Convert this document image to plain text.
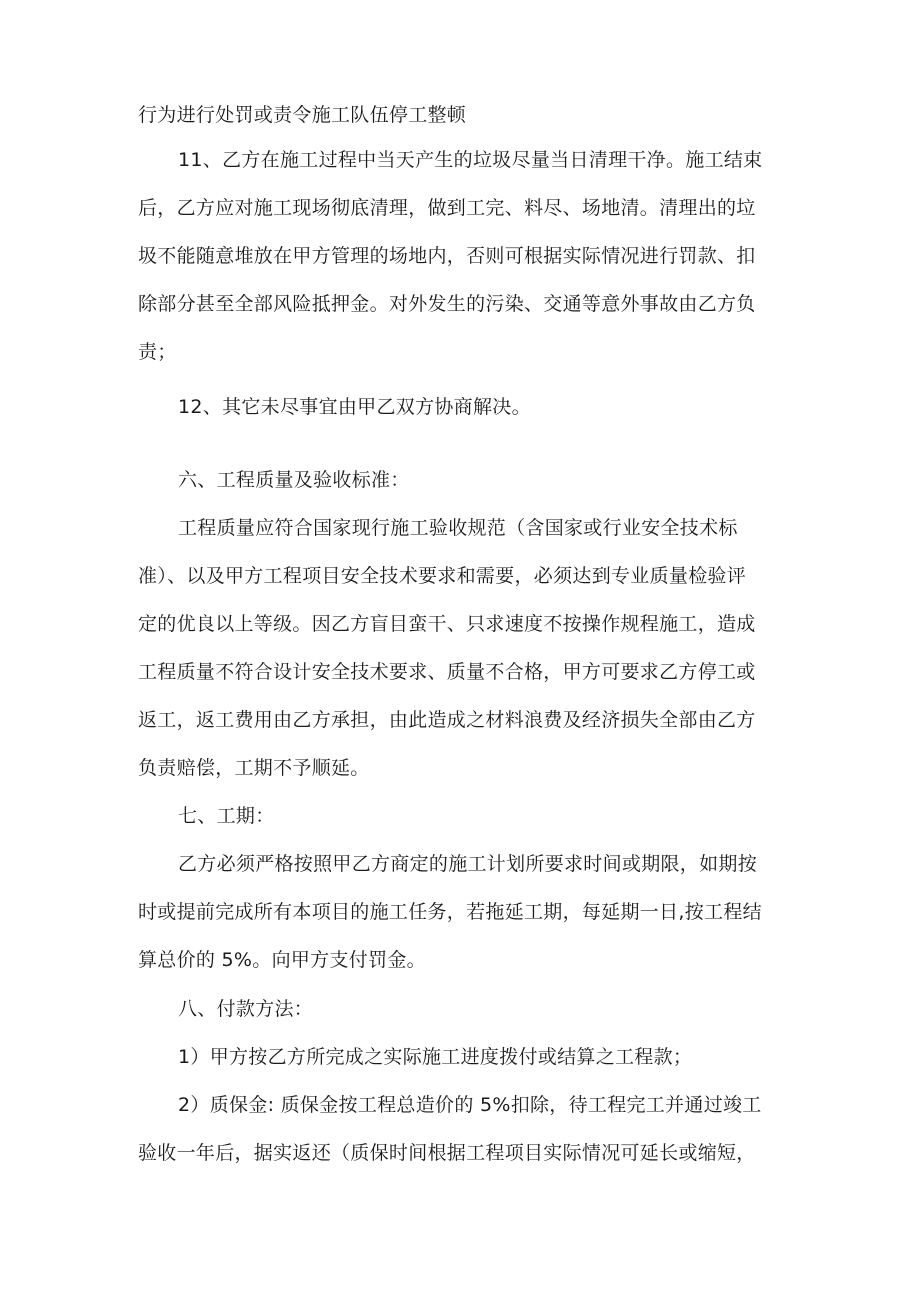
行为进行处罚或责令施工队伍停工整顿
11、乙方在施工过程中当天产生的垃圾尽量当日清理干净。施工结束
后，乙方应对施工现场彻底清理，做到工完、料尽、场地清。清理出的垃
圾不能随意堆放在甲方管理的场地内，否则可根据实际情况进行罚款、扣
除部分甚至全部风险抵押金。对外发生的污染、交通等意外事故由乙方负
责；
12、其它未尽事宜由甲乙双方协商解决。
六、工程质量及验收标准：
工程质量应符合国家现行施工验收规范（含国家或行业安全技术标
准）、以及甲方工程项目安全技术要求和需要，必须达到专业质量检验评
定的优良以上等级。因乙方盲目蛮干、只求速度不按操作规程施工，造成
工程质量不符合设计安全技术要求、质量不合格，甲方可要求乙方停工或
返工，返工费用由乙方承担，由此造成之材料浪费及经济损失全部由乙方
负责赔偿，工期不予顺延。
七、工期：
乙方必须严格按照甲乙方商定的施工计划所要求时间或期限，如期按
时或提前完成所有本项目的施工任务，若拖延工期，每延期一日,按工程结
算总价的 5%。向甲方支付罚金。
八、付款方法：
1）甲方按乙方所完成之实际施工进度拨付或结算之工程款；
2）质保金: 质保金按工程总造价的 5%扣除，待工程完工并通过竣工
验收一年后，据实返还（质保时间根据工程项目实际情况可延长或缩短，
